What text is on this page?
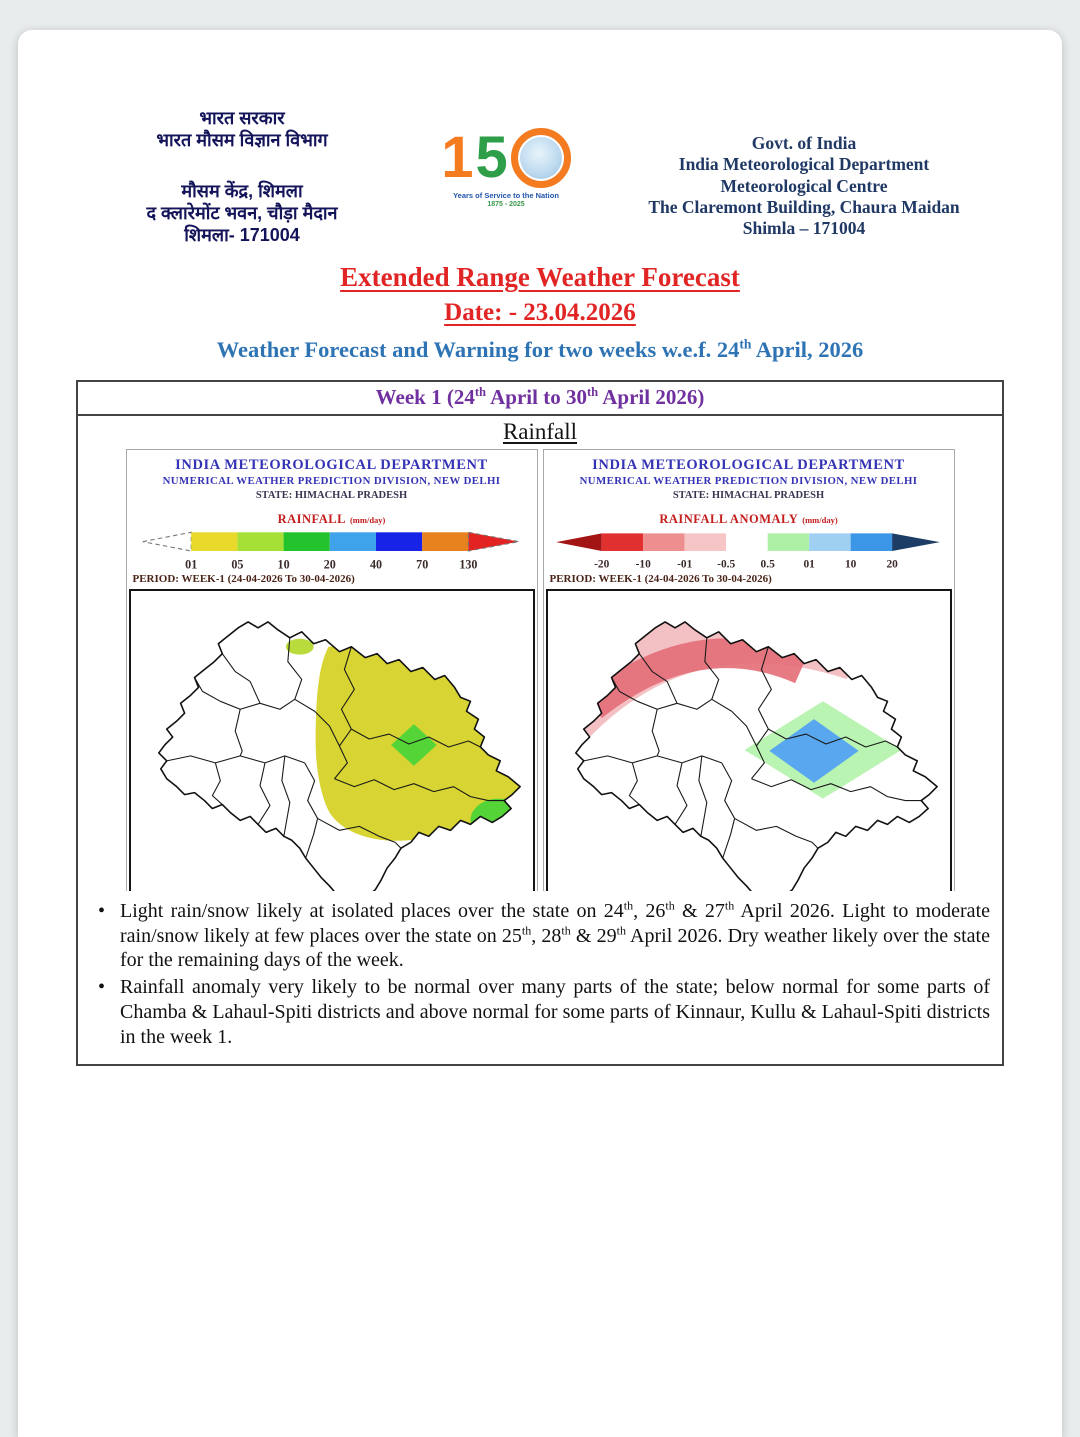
भारत सरकार
भारत मौसम विज्ञान विभाग
मौसम केंद्र, शिमला
द क्लारेमोंट भवन, चौड़ा मैदान
शिमला- 171004
1 5
Years of Service to the Nation
1875 - 2025
Govt. of India
India Meteorological Department
Meteorological Centre
The Claremont Building, Chaura Maidan
Shimla – 171004
Extended Range Weather Forecast
Date: - 23.04.2026
Weather Forecast and Warning for two weeks w.e.f. 24th April, 2026
Week 1 (24th April to 30th April 2026)
Rainfall
INDIA METEOROLOGICAL DEPARTMENT
NUMERICAL WEATHER PREDICTION DIVISION, NEW DELHI
STATE: HIMACHAL PRADESH
RAINFALL (mm/day)
01	05	10	20	40	70	130
PERIOD: WEEK-1 (24-04-2026 To 30-04-2026)
INDIA METEOROLOGICAL DEPARTMENT
NUMERICAL WEATHER PREDICTION DIVISION, NEW DELHI
STATE: HIMACHAL PRADESH
RAINFALL ANOMALY (mm/day)
-20 -10 -01 -0.5 0.5	01	10	20
PERIOD: WEEK-1 (24-04-2026 To 30-04-2026)
• Light rain/snow likely at isolated places over the state on 24th, 26th & 27th April 2026. Light to moderate rain/snow likely at few places over the state on 25th, 28th & 29th April 2026. Dry weather likely over the state for the remaining days of the week.
• Rainfall anomaly very likely to be normal over many parts of the state; below normal for some parts of Chamba & Lahaul-Spiti districts and above normal for some parts of Kinnaur, Kullu & Lahaul-Spiti districts in the week 1.
